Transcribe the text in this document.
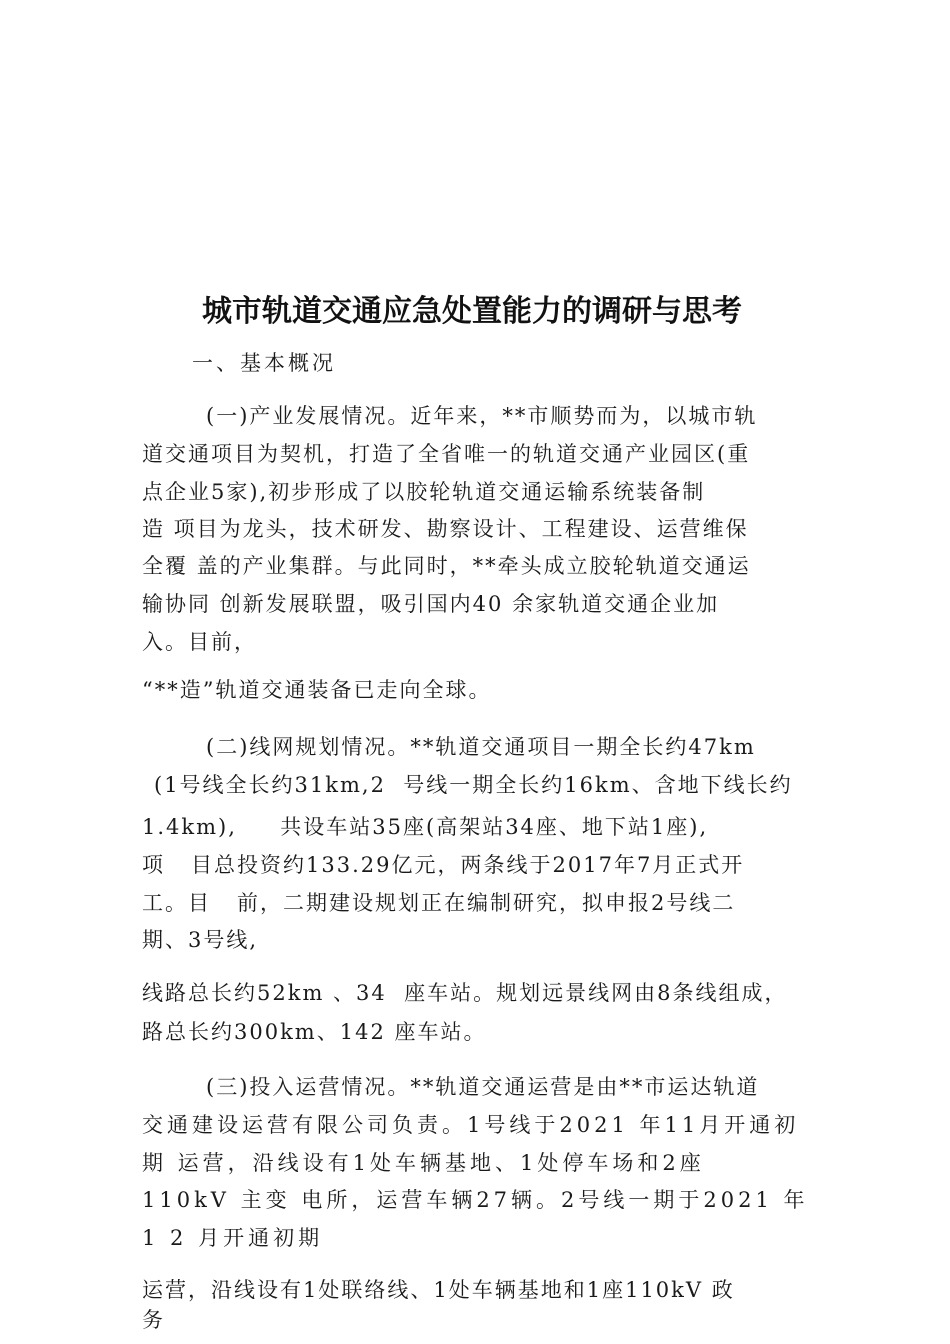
城市轨道交通应急处置能力的调研与思考
一、基本概况
(一)产业发展情况。近年来，**市顺势而为，以城市轨
道交通项目为契机，打造了全省唯一的轨道交通产业园区(重
点企业5家),初步形成了以胶轮轨道交通运输系统装备制
造 项目为龙头，技术研发、勘察设计、工程建设、运营维保
全覆 盖的产业集群。与此同时，**牵头成立胶轮轨道交通运
输协同 创新发展联盟，吸引国内40 余家轨道交通企业加
入。目前，
“**造”轨道交通装备已走向全球。
(二)线网规划情况。**轨道交通项目一期全长约47km
(1号线全长约31km,2  号线一期全长约16km、含地下线长约
1.4km),     共设车站35座(高架站34座、地下站1座),
项   目总投资约133.29亿元，两条线于2017年7月正式开
工。目   前，二期建设规划正在编制研究，拟申报2号线二
期、3号线,
线路总长约52km 、34  座车站。规划远景线网由8条线组成，
路总长约300km、142 座车站。
(三)投入运营情况。**轨道交通运营是由**市运达轨道
交通建设运营有限公司负责。1号线于2021 年11月开通初
期 运营，沿线设有1处车辆基地、1处停车场和2座
110kV 主变 电所，运营车辆27辆。2号线一期于2021 年
1 2 月开通初期
运营，沿线设有1处联络线、1处车辆基地和1座110kV 政
务
